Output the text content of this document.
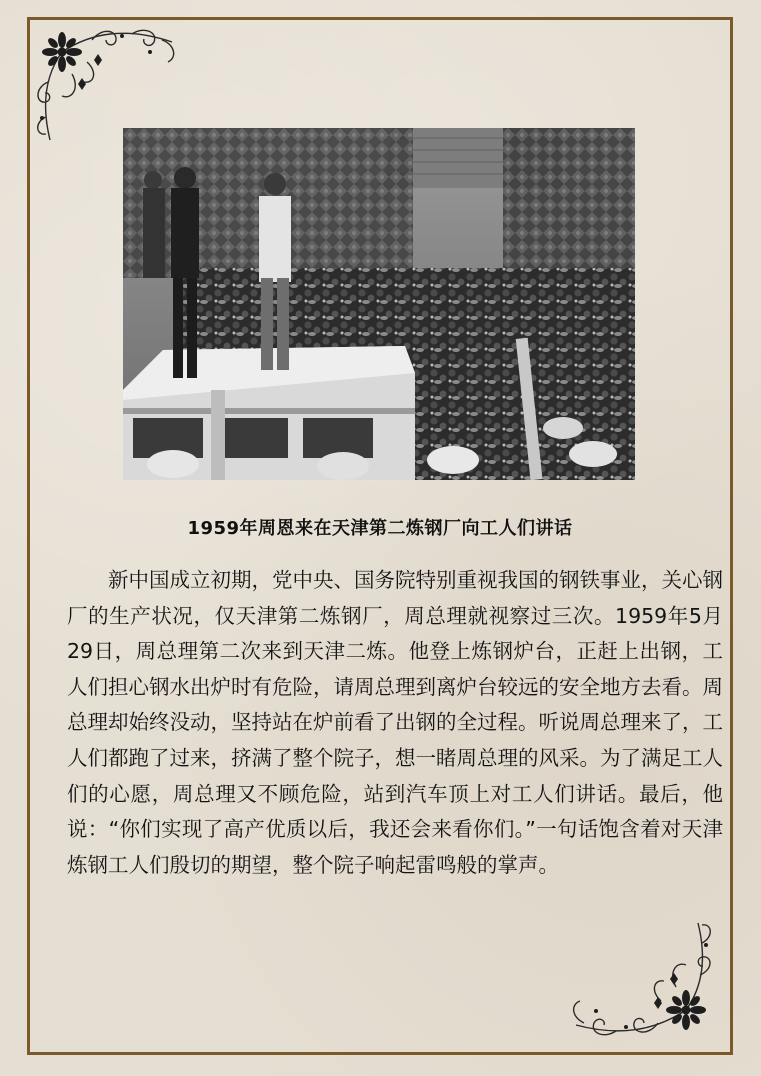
1959年周恩来在天津第二炼钢厂向工人们讲话

新中国成立初期，党中央、国务院特别重视我国的钢铁事业，关心钢厂的生产状况，仅天津第二炼钢厂，周总理就视察过三次。1959年5月29日，周总理第二次来到天津二炼。他登上炼钢炉台，正赶上出钢，工人们担心钢水出炉时有危险，请周总理到离炉台较远的安全地方去看。周总理却始终没动，坚持站在炉前看了出钢的全过程。听说周总理来了，工人们都跑了过来，挤满了整个院子，想一睹周总理的风采。为了满足工人们的心愿，周总理又不顾危险，站到汽车顶上对工人们讲话。最后，他说：“你们实现了高产优质以后，我还会来看你们。”一句话饱含着对天津炼钢工人们殷切的期望，整个院子响起雷鸣般的掌声。
